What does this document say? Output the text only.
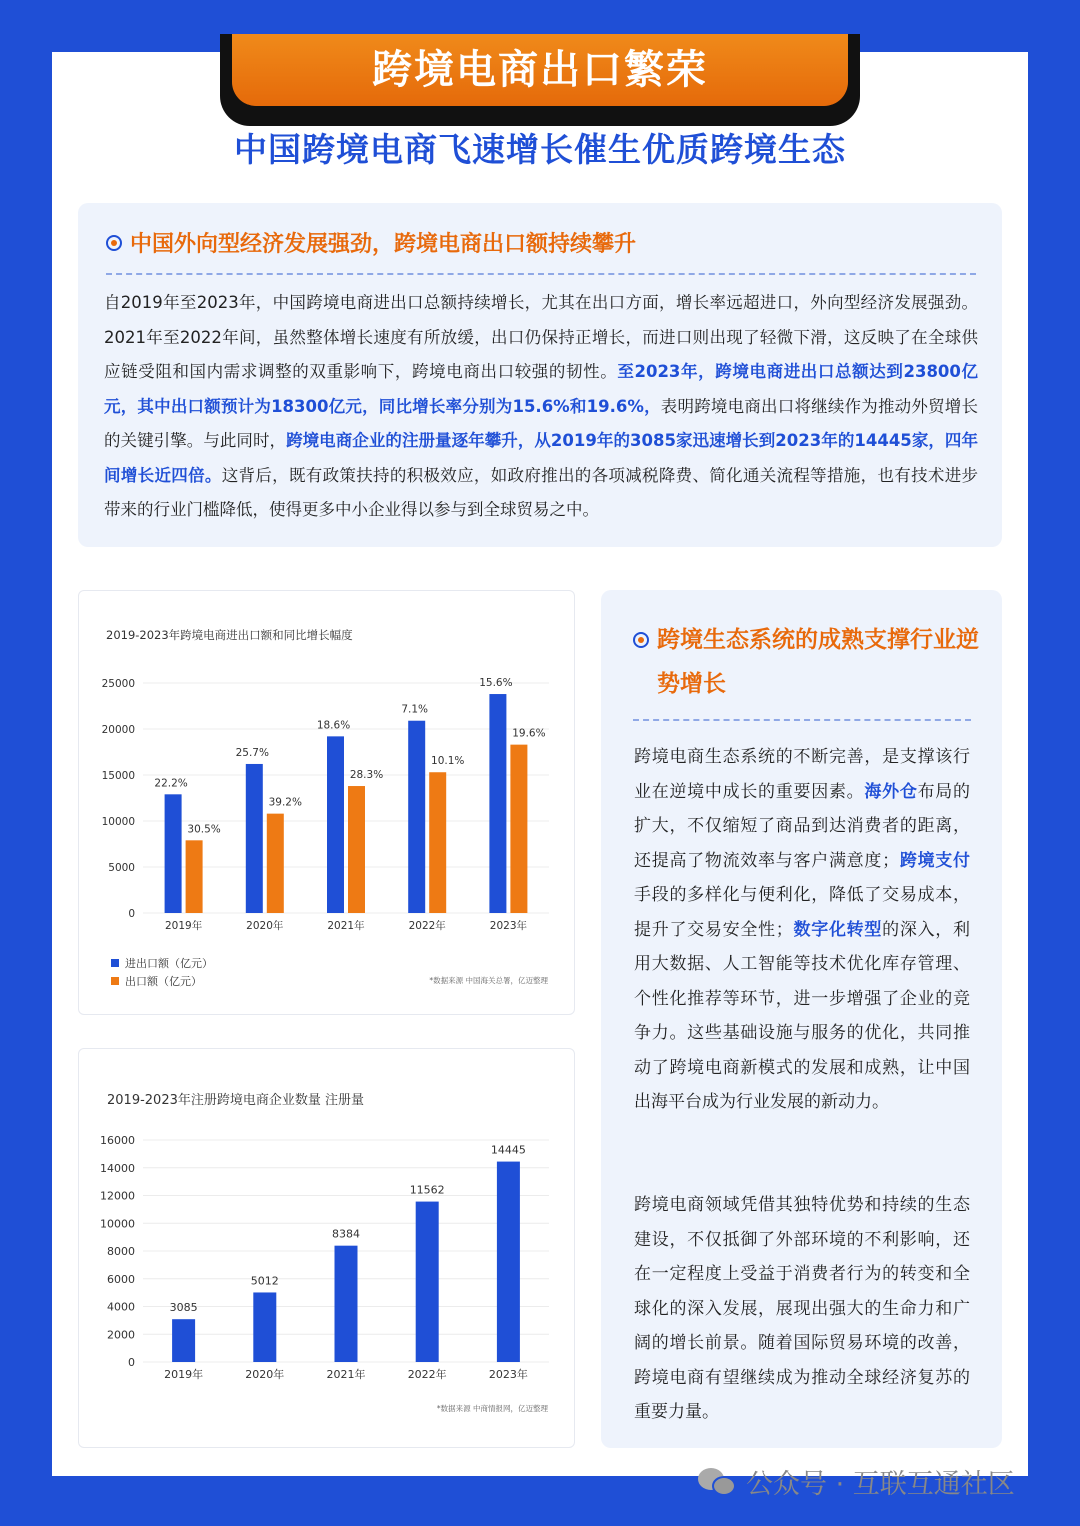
跨境电商出口繁荣
中国跨境电商飞速增长催生优质跨境生态
中国外向型经济发展强劲，跨境电商出口额持续攀升
自2019年至2023年，中国跨境电商进出口总额持续增长，尤其在出口方面，增长率远超进口，外向型经济发展强劲。2021年至2022年间，虽然整体增长速度有所放缓，出口仍保持正增长，而进口则出现了轻微下滑，这反映了在全球供应链受阻和国内需求调整的双重影响下，跨境电商出口较强的韧性。至2023年，跨境电商进出口总额达到23800亿元，其中出口额预计为18300亿元，同比增长率分别为15.6%和19.6%，表明跨境电商出口将继续作为推动外贸增长的关键引擎。与此同时，跨境电商企业的注册量逐年攀升，从2019年的3085家迅速增长到2023年的14445家，四年间增长近四倍。这背后，既有政策扶持的积极效应，如政府推出的各项减税降费、简化通关流程等措施，也有技术进步带来的行业门槛降低，使得更多中小企业得以参与到全球贸易之中。
2019-2023年跨境电商进出口额和同比增长幅度
0
5000
10000
15000
20000
25000
2019年
22.2%
30.5%
2020年
25.7%
39.2%
2021年
18.6%
28.3%
2022年
7.1%
10.1%
2023年
15.6%
19.6%
进出口额（亿元）
出口额（亿元）	*数据来源 中国海关总署，亿迈整理
2019-2023年注册跨境电商企业数量 注册量
0
2000
4000
6000
8000
10000
12000
14000
16000
2019年
3085
2020年
5012
2021年
8384
2022年
11562
2023年
14445
*数据来源 中商情报网，亿迈整理
跨境生态系统的成熟支撑行业逆势增长
跨境电商生态系统的不断完善，是支撑该行业在逆境中成长的重要因素。海外仓布局的扩大，不仅缩短了商品到达消费者的距离，还提高了物流效率与客户满意度；跨境支付手段的多样化与便利化，降低了交易成本，提升了交易安全性；数字化转型的深入，利用大数据、人工智能等技术优化库存管理、个性化推荐等环节，进一步增强了企业的竞争力。这些基础设施与服务的优化，共同推动了跨境电商新模式的发展和成熟，让中国出海平台成为行业发展的新动力。
跨境电商领域凭借其独特优势和持续的生态建设，不仅抵御了外部环境的不利影响，还在一定程度上受益于消费者行为的转变和全球化的深入发展，展现出强大的生命力和广阔的增长前景。随着国际贸易环境的改善，跨境电商有望继续成为推动全球经济复苏的重要力量。
公众号 · 互联互通社区
